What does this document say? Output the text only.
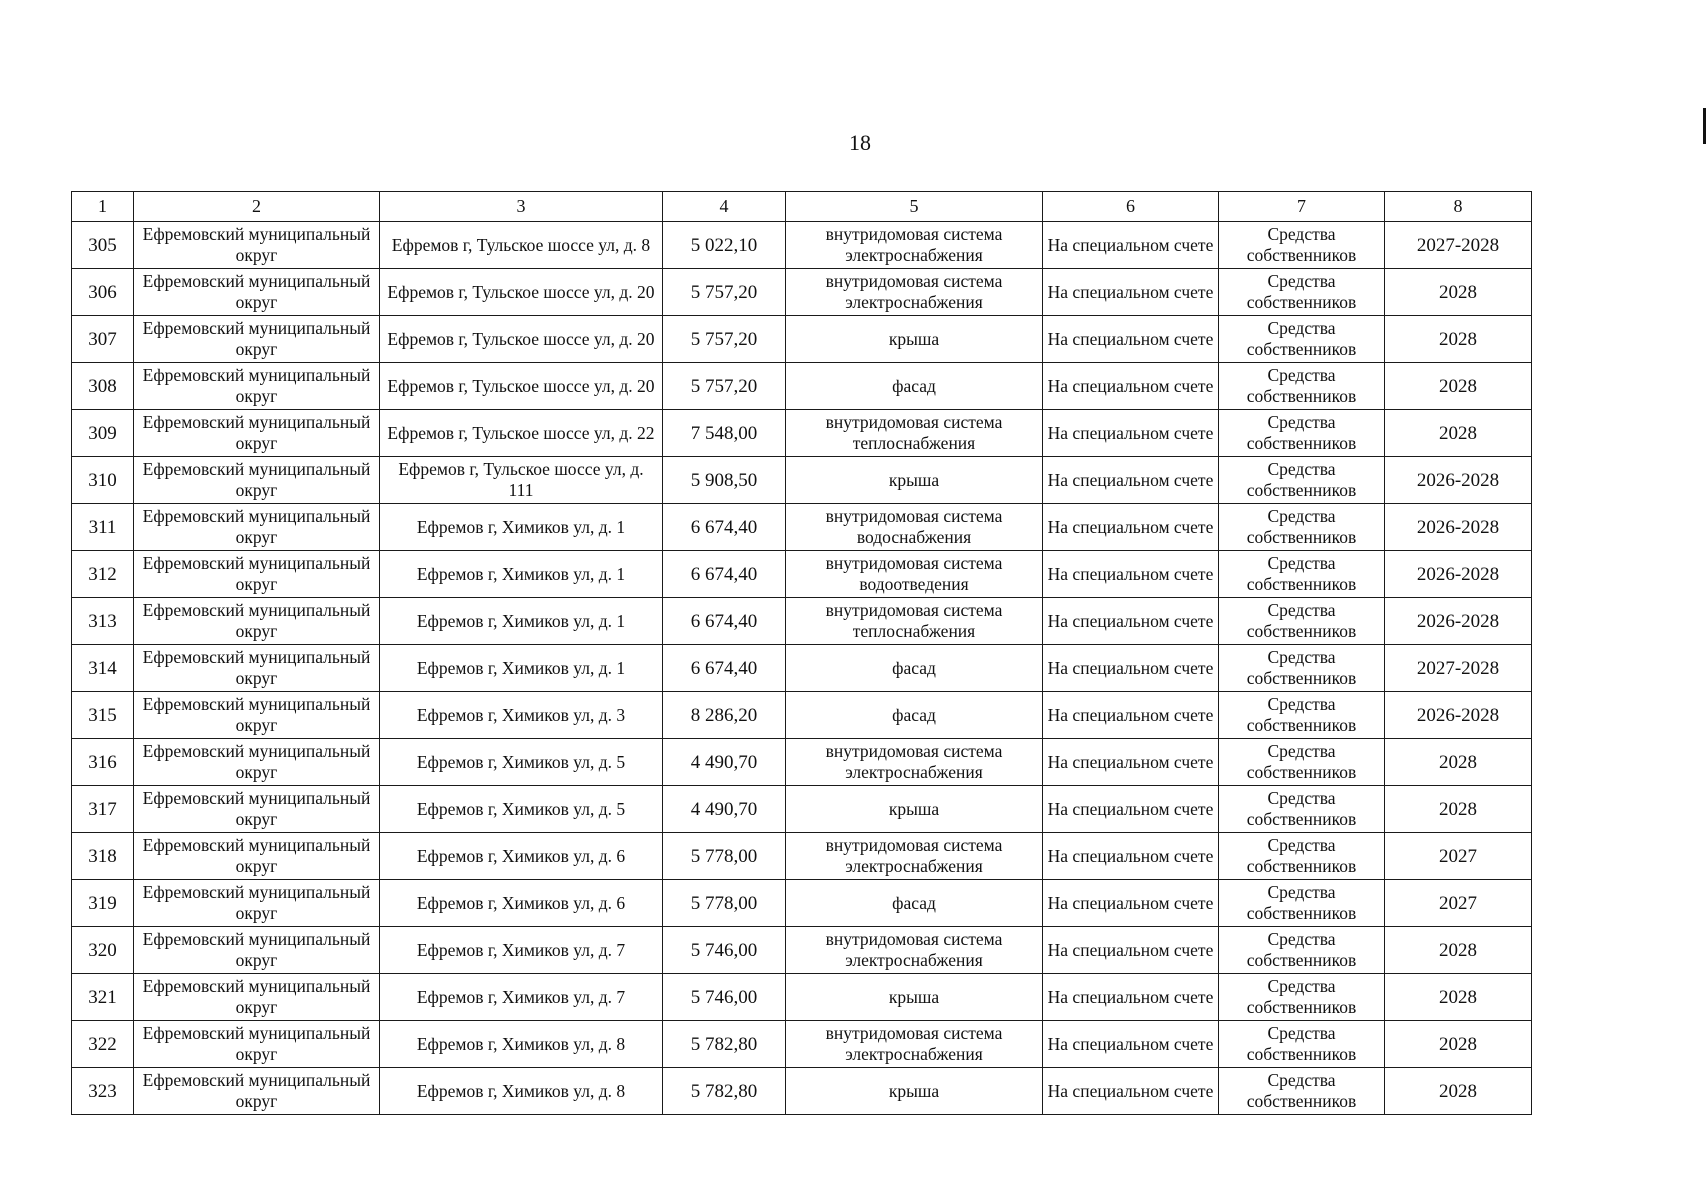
18
1	2	3	4	5	6	7	8
305	Ефремовский муниципальный округ	Ефремов г, Тульское шоссе ул, д. 8	5 022,10	внутридомовая система электроснабжения	На специальном счете	Средства собственников	2027-2028
306	Ефремовский муниципальный округ	Ефремов г, Тульское шоссе ул, д. 20	5 757,20	внутридомовая система электроснабжения	На специальном счете	Средства собственников	2028
307	Ефремовский муниципальный округ	Ефремов г, Тульское шоссе ул, д. 20	5 757,20	крыша	На специальном счете	Средства собственников	2028
308	Ефремовский муниципальный округ	Ефремов г, Тульское шоссе ул, д. 20	5 757,20	фасад	На специальном счете	Средства собственников	2028
309	Ефремовский муниципальный округ	Ефремов г, Тульское шоссе ул, д. 22	7 548,00	внутридомовая система теплоснабжения	На специальном счете	Средства собственников	2028
310	Ефремовский муниципальный округ	Ефремов г, Тульское шоссе ул, д. 111	5 908,50	крыша	На специальном счете	Средства собственников	2026-2028
311	Ефремовский муниципальный округ	Ефремов г, Химиков ул, д. 1	6 674,40	внутридомовая система водоснабжения	На специальном счете	Средства собственников	2026-2028
312	Ефремовский муниципальный округ	Ефремов г, Химиков ул, д. 1	6 674,40	внутридомовая система водоотведения	На специальном счете	Средства собственников	2026-2028
313	Ефремовский муниципальный округ	Ефремов г, Химиков ул, д. 1	6 674,40	внутридомовая система теплоснабжения	На специальном счете	Средства собственников	2026-2028
314	Ефремовский муниципальный округ	Ефремов г, Химиков ул, д. 1	6 674,40	фасад	На специальном счете	Средства собственников	2027-2028
315	Ефремовский муниципальный округ	Ефремов г, Химиков ул, д. 3	8 286,20	фасад	На специальном счете	Средства собственников	2026-2028
316	Ефремовский муниципальный округ	Ефремов г, Химиков ул, д. 5	4 490,70	внутридомовая система электроснабжения	На специальном счете	Средства собственников	2028
317	Ефремовский муниципальный округ	Ефремов г, Химиков ул, д. 5	4 490,70	крыша	На специальном счете	Средства собственников	2028
318	Ефремовский муниципальный округ	Ефремов г, Химиков ул, д. 6	5 778,00	внутридомовая система электроснабжения	На специальном счете	Средства собственников	2027
319	Ефремовский муниципальный округ	Ефремов г, Химиков ул, д. 6	5 778,00	фасад	На специальном счете	Средства собственников	2027
320	Ефремовский муниципальный округ	Ефремов г, Химиков ул, д. 7	5 746,00	внутридомовая система электроснабжения	На специальном счете	Средства собственников	2028
321	Ефремовский муниципальный округ	Ефремов г, Химиков ул, д. 7	5 746,00	крыша	На специальном счете	Средства собственников	2028
322	Ефремовский муниципальный округ	Ефремов г, Химиков ул, д. 8	5 782,80	внутридомовая система электроснабжения	На специальном счете	Средства собственников	2028
323	Ефремовский муниципальный округ	Ефремов г, Химиков ул, д. 8	5 782,80	крыша	На специальном счете	Средства собственников	2028
